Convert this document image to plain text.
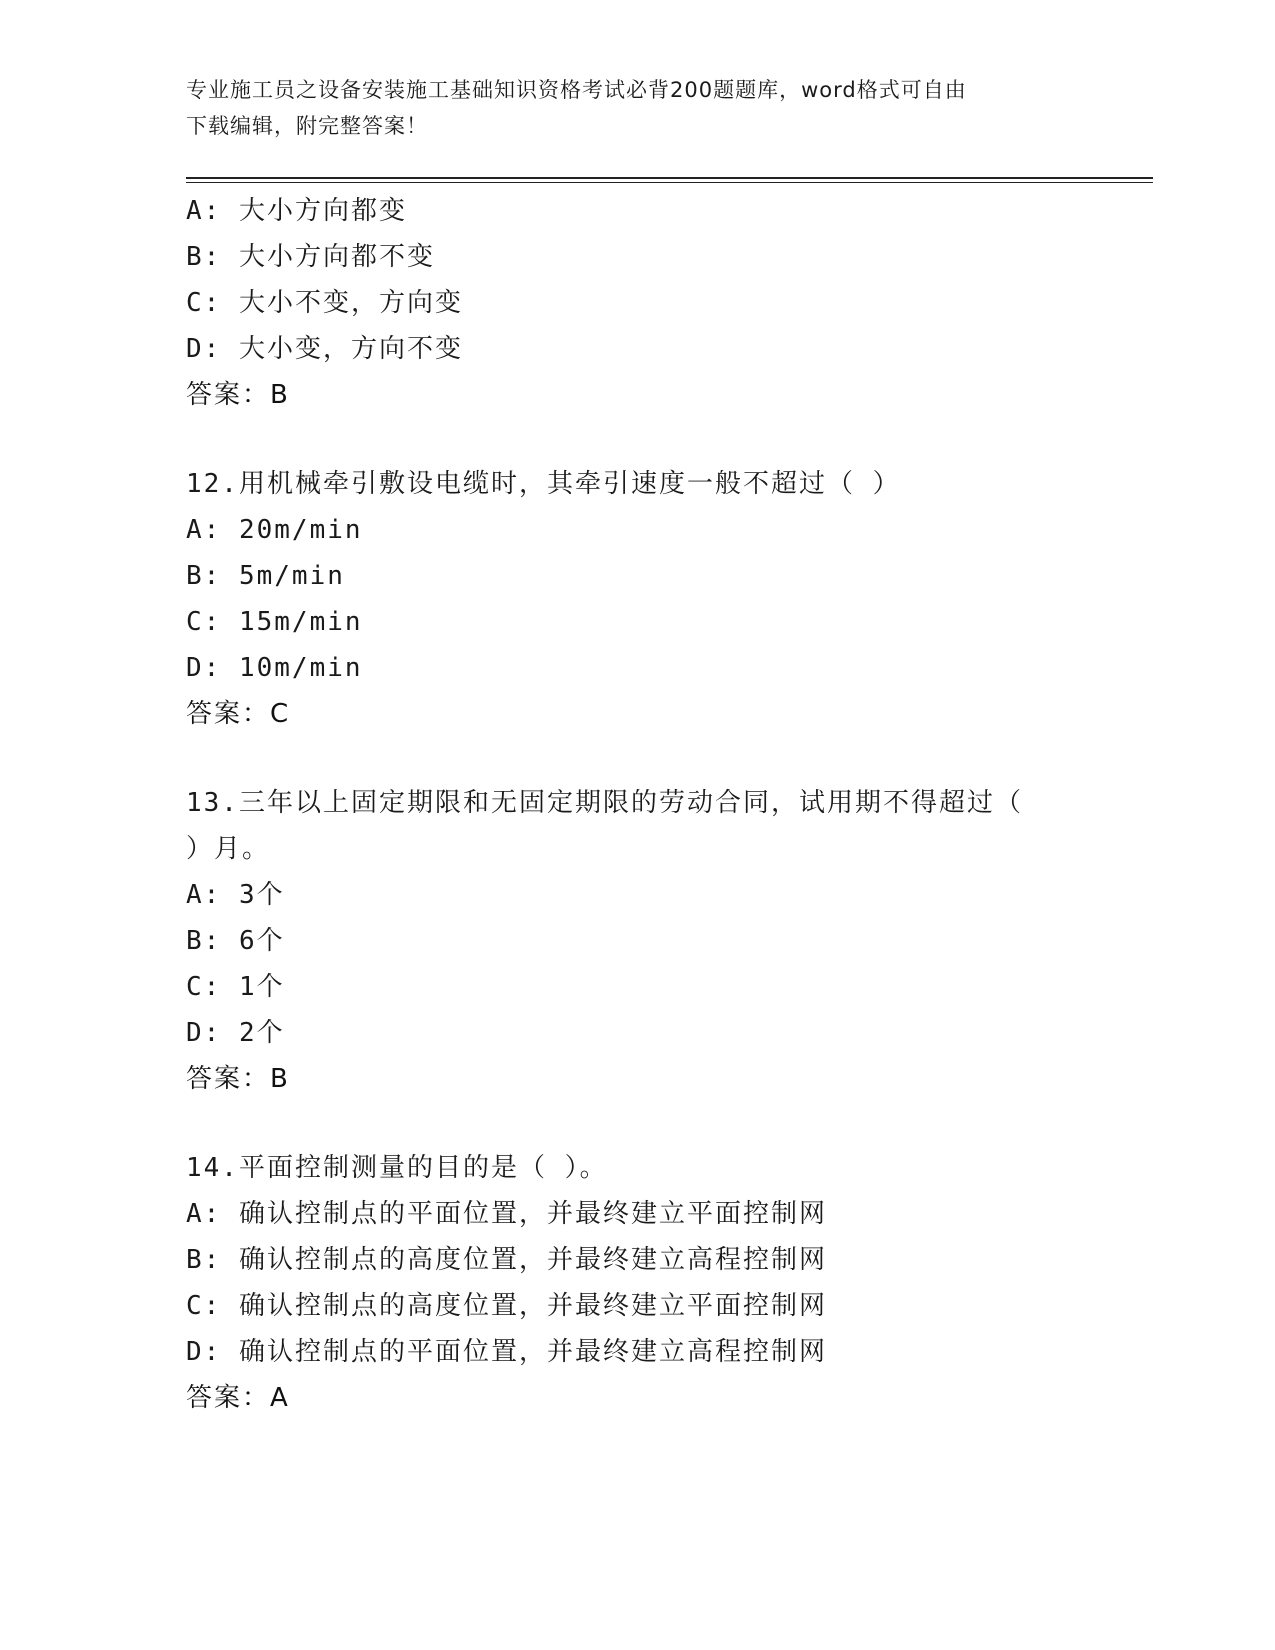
专业施工员之设备安装施工基础知识资格考试必背200题题库，word格式可自由
下载编辑，附完整答案！
A: 大小方向都变
B: 大小方向都不变
C: 大小不变，方向变
D: 大小变，方向不变
答案：B
12.用机械牵引敷设电缆时，其牵引速度一般不超过（ ）
A: 20m/min
B: 5m/min
C: 15m/min
D: 10m/min
答案：C
13.三年以上固定期限和无固定期限的劳动合同，试用期不得超过（
）月。
A: 3个
B: 6个
C: 1个
D: 2个
答案：B
14.平面控制测量的目的是（ ）。
A: 确认控制点的平面位置，并最终建立平面控制网
B: 确认控制点的高度位置，并最终建立高程控制网
C: 确认控制点的高度位置，并最终建立平面控制网
D: 确认控制点的平面位置，并最终建立高程控制网
答案：A
